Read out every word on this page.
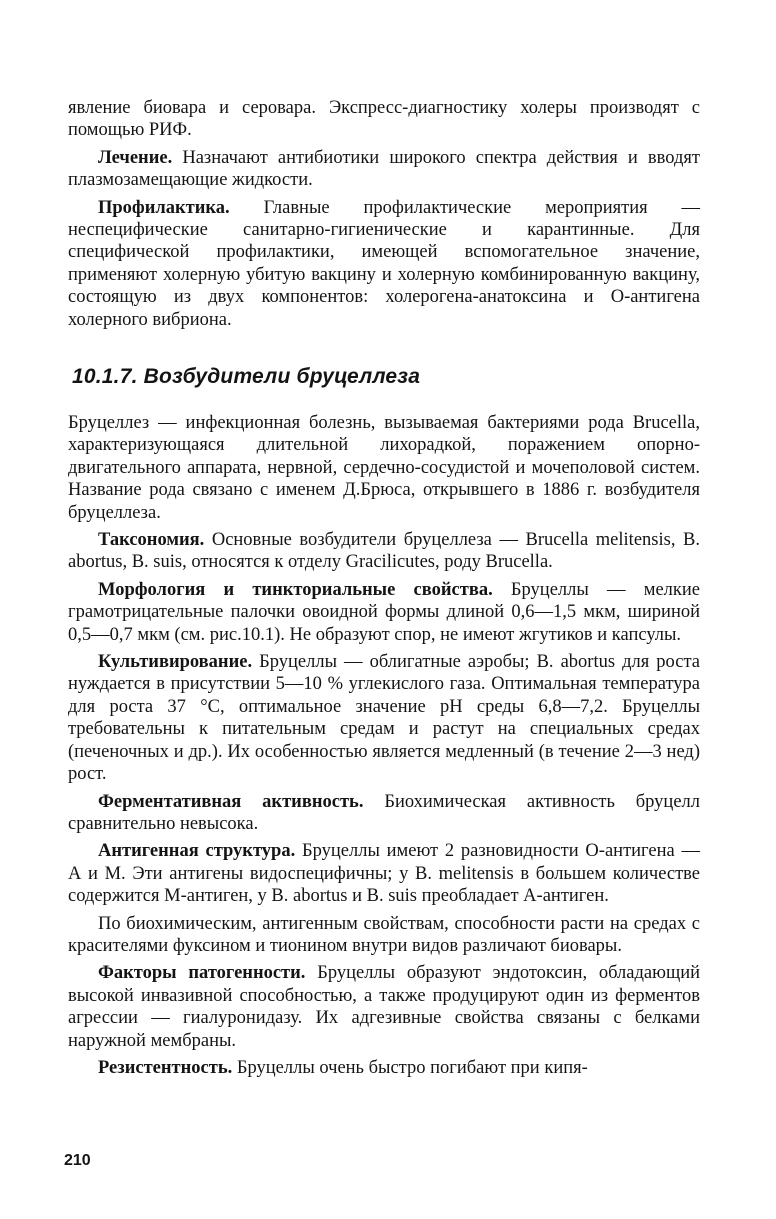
явление биовара и серовара. Экспресс-диагностику холеры производят с помощью РИФ.

Лечение. Назначают антибиотики широкого спектра действия и вводят плазмозамещающие жидкости.

Профилактика. Главные профилактические мероприятия — неспецифические санитарно-гигиенические и карантинные. Для специфической профилактики, имеющей вспомогательное значение, применяют холерную убитую вакцину и холерную комбинированную вакцину, состоящую из двух компонентов: холерогена-анатоксина и О-антигена холерного вибриона.

10.1.7. Возбудители бруцеллеза

Бруцеллез — инфекционная болезнь, вызываемая бактериями рода Brucella, характеризующаяся длительной лихорадкой, поражением опорно-двигательного аппарата, нервной, сердечно-сосудистой и мочеполовой систем. Название рода связано с именем Д.Брюса, открывшего в 1886 г. возбудителя бруцеллеза.

Таксономия. Основные возбудители бруцеллеза — Brucella melitensis, B. abortus, B. suis, относятся к отделу Gracilicutes, роду Brucella.

Морфология и тинкториальные свойства. Бруцеллы — мелкие грамотрицательные палочки овоидной формы длиной 0,6—1,5 мкм, шириной 0,5—0,7 мкм (см. рис.10.1). Не образуют спор, не имеют жгутиков и капсулы.

Культивирование. Бруцеллы — облигатные аэробы; B. abortus для роста нуждается в присутствии 5—10 % углекислого газа. Оптимальная температура для роста 37 °С, оптимальное значение pH среды 6,8—7,2. Бруцеллы требовательны к питательным средам и растут на специальных средах (печеночных и др.). Их особенностью является медленный (в течение 2—3 нед) рост.

Ферментативная активность. Биохимическая активность бруцелл сравнительно невысока.

Антигенная структура. Бруцеллы имеют 2 разновидности О-антигена — А и М. Эти антигены видоспецифичны; у B. melitensis в большем количестве содержится М-антиген, у B. abortus и B. suis преобладает А-антиген.

По биохимическим, антигенным свойствам, способности расти на средах с красителями фуксином и тионином внутри видов различают биовары.

Факторы патогенности. Бруцеллы образуют эндотоксин, обладающий высокой инвазивной способностью, а также продуцируют один из ферментов агрессии — гиалуронидазу. Их адгезивные свойства связаны с белками наружной мембраны.

Резистентность. Бруцеллы очень быстро погибают при кипя-

210
